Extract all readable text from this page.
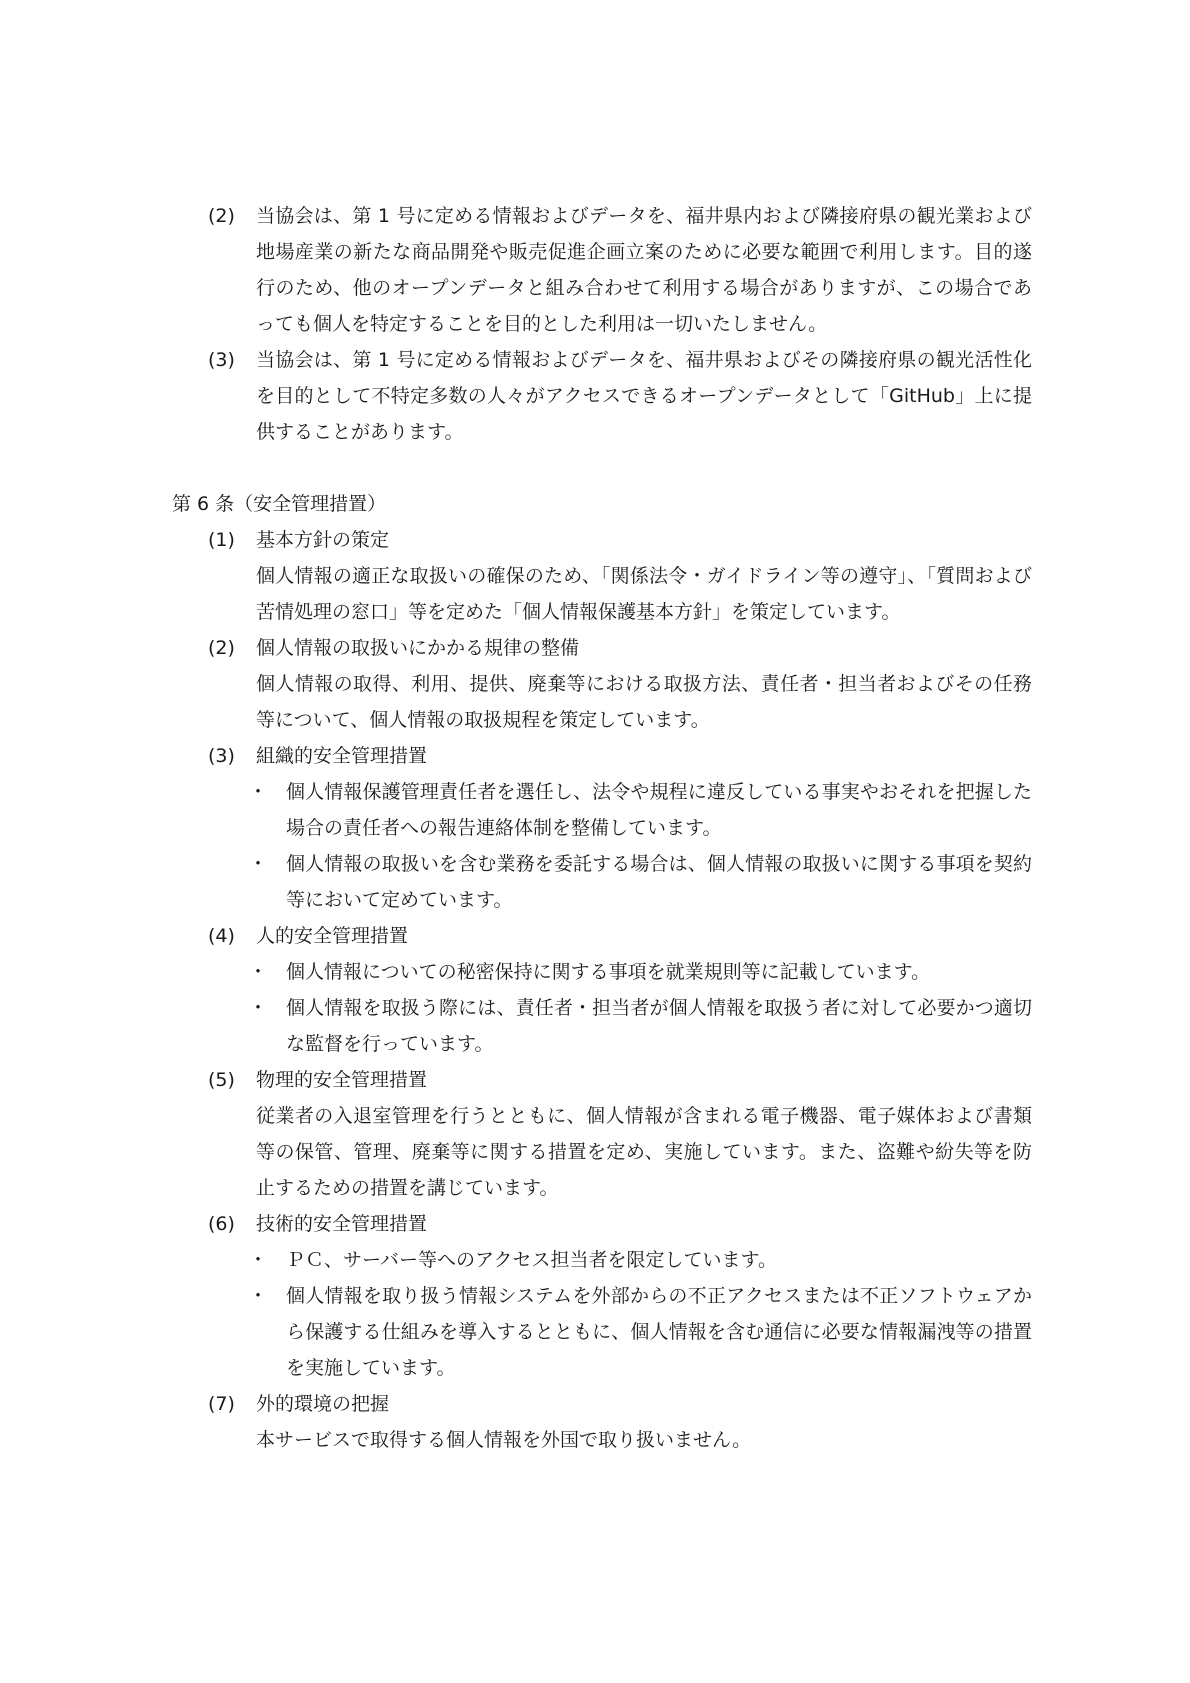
(2) 当協会は、第 1 号に定める情報およびデータを、福井県内および隣接府県の観光業および地場産業の新たな商品開発や販売促進企画立案のために必要な範囲で利用します。目的遂行のため、他のオープンデータと組み合わせて利用する場合がありますが、この場合であっても個人を特定することを目的とした利用は一切いたしません。
(3) 当協会は、第 1 号に定める情報およびデータを、福井県およびその隣接府県の観光活性化を目的として不特定多数の人々がアクセスできるオープンデータとして「GitHub」上に提供することがあります。
第 6 条（安全管理措置）
(1) 基本方針の策定
個人情報の適正な取扱いの確保のため、「関係法令・ガイドライン等の遵守」、「質問および苦情処理の窓口」等を定めた「個人情報保護基本方針」を策定しています。
(2) 個人情報の取扱いにかかる規律の整備
個人情報の取得、利用、提供、廃棄等における取扱方法、責任者・担当者およびその任務等について、個人情報の取扱規程を策定しています。
(3) 組織的安全管理措置
・ 個人情報保護管理責任者を選任し、法令や規程に違反している事実やおそれを把握した場合の責任者への報告連絡体制を整備しています。
・ 個人情報の取扱いを含む業務を委託する場合は、個人情報の取扱いに関する事項を契約等において定めています。
(4) 人的安全管理措置
・ 個人情報についての秘密保持に関する事項を就業規則等に記載しています。
・ 個人情報を取扱う際には、責任者・担当者が個人情報を取扱う者に対して必要かつ適切な監督を行っています。
(5) 物理的安全管理措置
従業者の入退室管理を行うとともに、個人情報が含まれる電子機器、電子媒体および書類等の保管、管理、廃棄等に関する措置を定め、実施しています。また、盗難や紛失等を防止するための措置を講じています。
(6) 技術的安全管理措置
・ ＰＣ、サーバー等へのアクセス担当者を限定しています。
・ 個人情報を取り扱う情報システムを外部からの不正アクセスまたは不正ソフトウェアから保護する仕組みを導入するとともに、個人情報を含む通信に必要な情報漏洩等の措置を実施しています。
(7) 外的環境の把握
本サービスで取得する個人情報を外国で取り扱いません。
